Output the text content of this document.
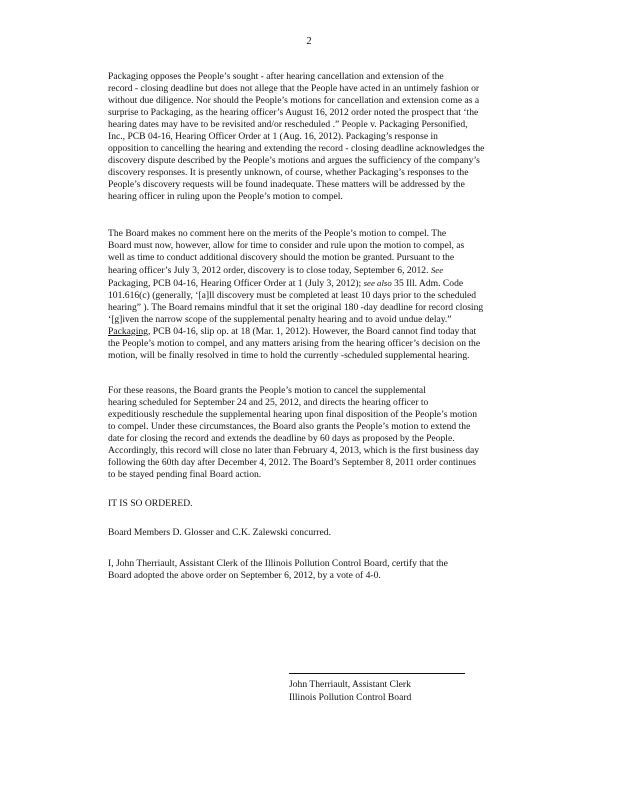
2

Packaging opposes the People’s sought - after hearing cancellation and extension of the
record - closing deadline but does not allege that the People have acted in an untimely fashion or
without due diligence. Nor should the People’s motions for cancellation and extension come as a
surprise to Packaging, as the hearing officer’s August 16, 2012 order noted the prospect that ‘the
hearing dates may have to be revisited and/or rescheduled .” People v. Packaging Personified,
Inc., PCB 04-16, Hearing Officer Order at 1 (Aug. 16, 2012). Packaging’s response in
opposition to cancelling the hearing and extending the record - closing deadline acknowledges the
discovery dispute described by the People’s motions and argues the sufficiency of the company’s
discovery responses. It is presently unknown, of course, whether Packaging’s responses to the
People’s discovery requests will be found inadequate. These matters will be addressed by the
hearing officer in ruling upon the People’s motion to compel.

The Board makes no comment here on the merits of the People’s motion to compel. The
Board must now, however, allow for time to consider and rule upon the motion to compel, as
well as time to conduct additional discovery should the motion be granted. Pursuant to the
hearing officer’s July 3, 2012 order, discovery is to close today, September 6, 2012. See
Packaging, PCB 04-16, Hearing Officer Order at 1 (July 3, 2012); see also 35 Ill. Adm. Code
101.616(c) (generally, ‘[a]ll discovery must be completed at least 10 days prior to the scheduled
hearing” ). The Board remains mindful that it set the original 180 -day deadline for record closing
‘[g]iven the narrow scope of the supplemental penalty hearing and to avoid undue delay.”
Packaging, PCB 04-16, slip op. at 18 (Mar. 1, 2012). However, the Board cannot find today that
the People’s motion to compel, and any matters arising from the hearing officer’s decision on the
motion, will be finally resolved in time to hold the currently -scheduled supplemental hearing.

For these reasons, the Board grants the People’s motion to cancel the supplemental
hearing scheduled for September 24 and 25, 2012, and directs the hearing officer to
expeditiously reschedule the supplemental hearing upon final disposition of the People’s motion
to compel. Under these circumstances, the Board also grants the People’s motion to extend the
date for closing the record and extends the deadline by 60 days as proposed by the People.
Accordingly, this record will close no later than February 4, 2013, which is the first business day
following the 60th day after December 4, 2012. The Board’s September 8, 2011 order continues
to be stayed pending final Board action.

IT IS SO ORDERED.

Board Members D. Glosser and C.K. Zalewski concurred.

I, John Therriault, Assistant Clerk of the Illinois Pollution Control Board, certify that the
Board adopted the above order on September 6, 2012, by a vote of 4-0.

John Therriault, Assistant Clerk
Illinois Pollution Control Board
